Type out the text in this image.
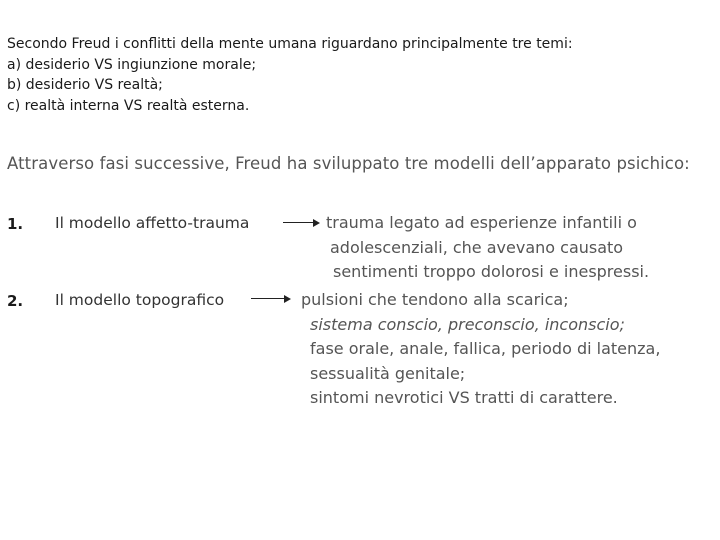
Secondo Freud i conflitti della mente umana riguardano principalmente tre temi:
a) desiderio VS ingiunzione morale;
b) desiderio VS realtà;
c) realtà interna VS realtà esterna.
Attraverso fasi successive, Freud ha sviluppato tre modelli dell’apparato psichico:
1. Il modello affetto-trauma	trauma legato ad esperienze infantili o
adolescenziali, che avevano causato
sentimenti troppo dolorosi e inespressi.
2. Il modello topografico	pulsioni che tendono alla scarica;
sistema conscio, preconscio, inconscio;
fase orale, anale, fallica, periodo di latenza,
sessualità genitale;
sintomi nevrotici VS tratti di carattere.
